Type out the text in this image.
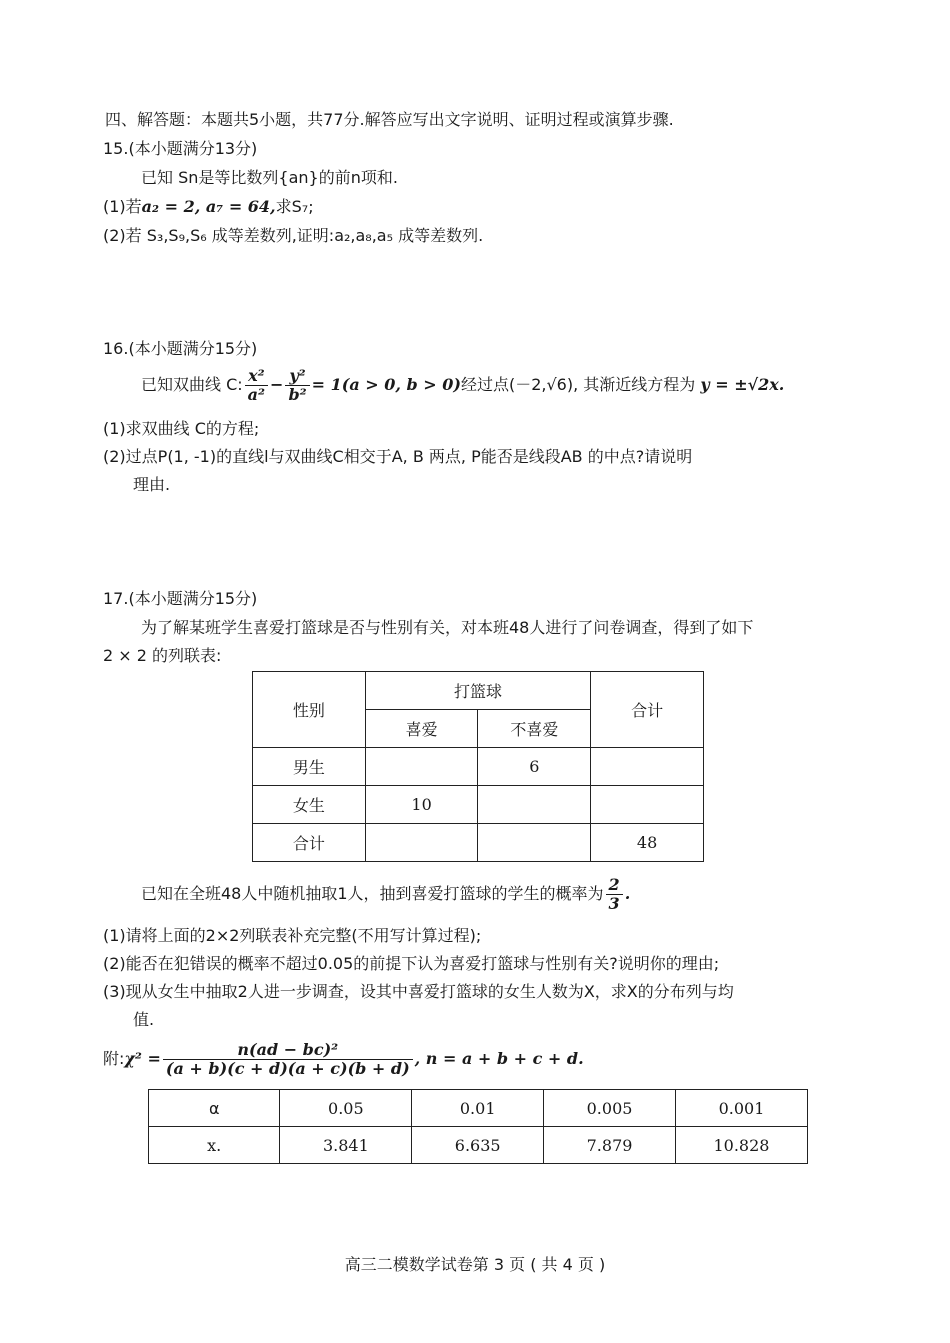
四、解答题：本题共5小题，共77分.解答应写出文字说明、证明过程或演算步骤.
15.(本小题满分13分)
已知 Sn是等比数列{an}的前n项和.
(1)若a₂ = 2, a₇ = 64,求S₇;
(2)若 S₃,S₉,S₆ 成等差数列,证明:a₂,a₈,a₅ 成等差数列.
16.(本小题满分15分)
已知双曲线 C: $\frac{\text{x²}}{\text{a²}} - \frac{\text{y²}}{\text{b²}} = 1(a > 0$, b > 0)经过点(－2,√6), 其渐近线方程为 y = ±√2x.
(1)求双曲线 C的方程;
(2)过点P(1, -1)的直线l与双曲线C相交于A, B 两点, P能否是线段AB 的中点?请说明
理由.
17.(本小题满分15分)
为了解某班学生喜爱打篮球是否与性别有关，对本班48人进行了问卷调查，得到了如下
2 × 2 的列联表:
性别	打篮球		合计
	喜爱	不喜爱	
男生		6	
女生	10		
合计			48
已知在全班48人中随机抽取1人，抽到喜爱打篮球的学生的概率为 $\frac{2}{3}$ .
(1)请将上面的2×2列联表补充完整(不用写计算过程);
(2)能否在犯错误的概率不超过0.05的前提下认为喜爱打篮球与性别有关?说明你的理由;
(3)现从女生中抽取2人进一步调查，设其中喜爱打篮球的女生人数为X，求X的分布列与均
值.
附:χ² = $\frac{\text{n(ad − bc)²}}{(a + b)(c + d)(a + c)(b + d)}$ , n = a + b + c + d.
α	0.05	0.01	0.005	0.001
x.	3.841	6.635	7.879	10.828
高三二模数学试卷第 3 页 ( 共 4 页 )
